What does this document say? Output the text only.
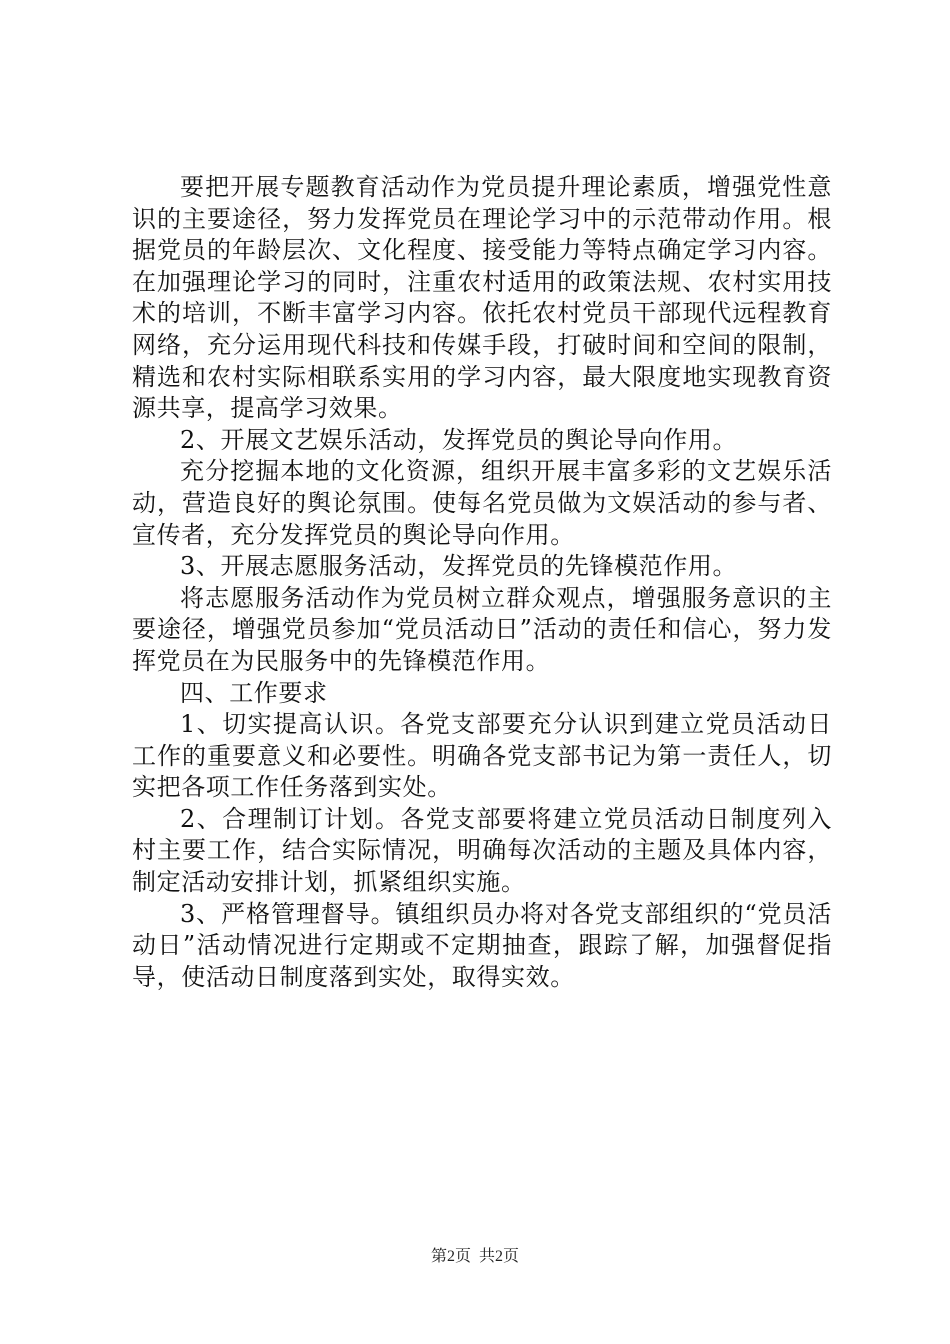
要把开展专题教育活动作为党员提升理论素质，增强党性意识的主要途径，努力发挥党员在理论学习中的示范带动作用。根据党员的年龄层次、文化程度、接受能力等特点确定学习内容。在加强理论学习的同时，注重农村适用的政策法规、农村实用技术的培训，不断丰富学习内容。依托农村党员干部现代远程教育网络，充分运用现代科技和传媒手段，打破时间和空间的限制，精选和农村实际相联系实用的学习内容，最大限度地实现教育资源共享，提高学习效果。

2、开展文艺娱乐活动，发挥党员的舆论导向作用。

充分挖掘本地的文化资源，组织开展丰富多彩的文艺娱乐活动，营造良好的舆论氛围。使每名党员做为文娱活动的参与者、宣传者，充分发挥党员的舆论导向作用。

3、开展志愿服务活动，发挥党员的先锋模范作用。

将志愿服务活动作为党员树立群众观点，增强服务意识的主要途径，增强党员参加“党员活动日”活动的责任和信心，努力发挥党员在为民服务中的先锋模范作用。

四、工作要求

1、切实提高认识。各党支部要充分认识到建立党员活动日工作的重要意义和必要性。明确各党支部书记为第一责任人，切实把各项工作任务落到实处。

2、合理制订计划。各党支部要将建立党员活动日制度列入村主要工作，结合实际情况，明确每次活动的主题及具体内容，制定活动安排计划，抓紧组织实施。

3、严格管理督导。镇组织员办将对各党支部组织的“党员活动日”活动情况进行定期或不定期抽查，跟踪了解，加强督促指导，使活动日制度落到实处，取得实效。

第2页 共2页
